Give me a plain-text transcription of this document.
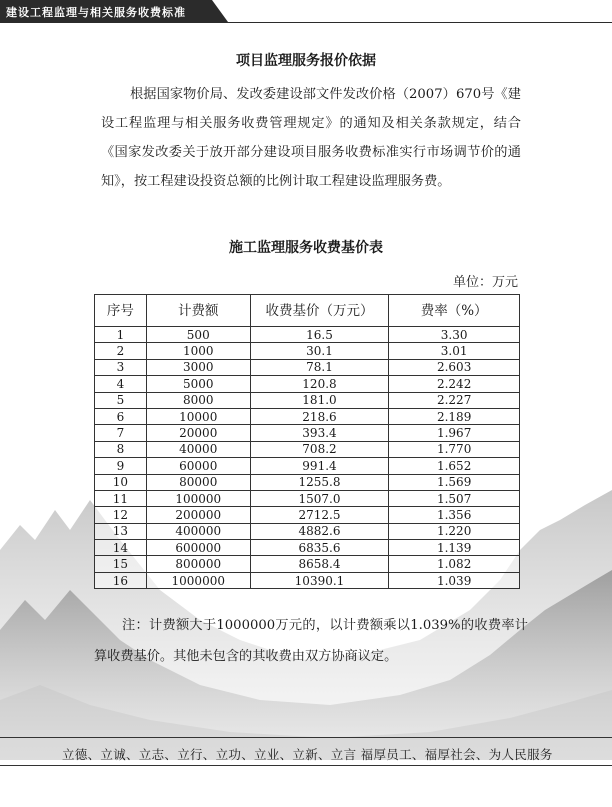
建设工程监理与相关服务收费标准
项目监理服务报价依据

根据国家物价局、发改委建设部文件发改价格（2007）670号《建设工程监理与相关服务收费管理规定》的通知及相关条款规定，结合《国家发改委关于放开部分建设项目服务收费标准实行市场调节价的通知》，按工程建设投资总额的比例计取工程建设监理服务费。

施工监理服务收费基价表
单位：万元
序号	计费额	收费基价（万元）	费率（%）
1	500	16.5	3.30
2	1000	30.1	3.01
3	3000	78.1	2.603
4	5000	120.8	2.242
5	8000	181.0	2.227
6	10000	218.6	2.189
7	20000	393.4	1.967
8	40000	708.2	1.770
9	60000	991.4	1.652
10	80000	1255.8	1.569
11	100000	1507.0	1.507
12	200000	2712.5	1.356
13	400000	4882.6	1.220
14	600000	6835.6	1.139
15	800000	8658.4	1.082
16	1000000	10390.1	1.039

注：计费额大于1000000万元的，以计费额乘以1.039%的收费率计算收费基价。其他未包含的其收费由双方协商议定。

立德、立诚、立志、立行、立功、立业、立新、立言 福厚员工、福厚社会、为人民服务
